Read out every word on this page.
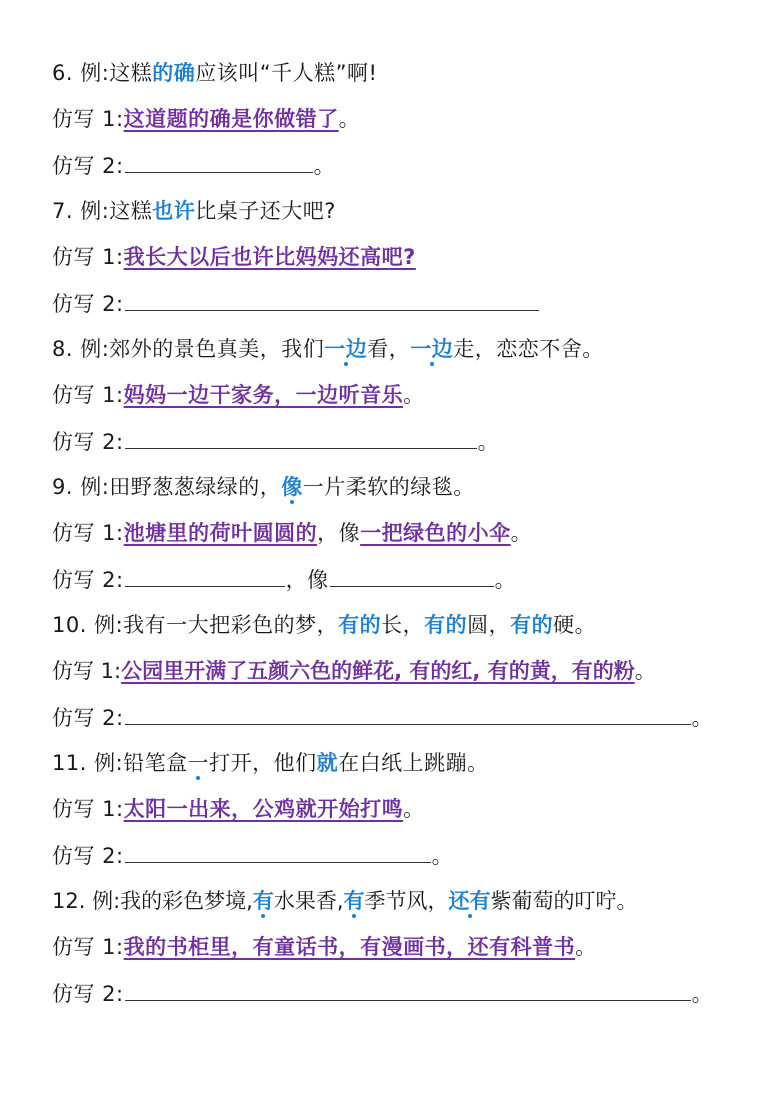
6. 例:这糕的确应该叫“千人糕”啊!
仿写 1:这道题的确是你做错了。
仿写 2:	。
7. 例:这糕也许比桌子还大吧?
仿写 1:我长大以后也许比妈妈还高吧?
仿写 2:
8. 例:郊外的景色真美，我们一边看，一边走，恋恋不舍。
仿写 1:妈妈一边干家务，一边听音乐。
仿写 2:	。
9. 例:田野葱葱绿绿的，像一片柔软的绿毯。
仿写 1:池塘里的荷叶圆圆的，像一把绿色的小伞。
仿写 2:	，像	。
10. 例:我有一大把彩色的梦，有的长，有的圆，有的硬。
仿写 1:公园里开满了五颜六色的鲜花, 有的红, 有的黄，有的粉。
仿写 2:	。
11. 例:铅笔盒一打开，他们就在白纸上跳蹦。
仿写 1:太阳一出来，公鸡就开始打鸣。
仿写 2:	。
12. 例:我的彩色梦境,有水果香,有季节风，还有紫葡萄的叮咛。
仿写 1:我的书柜里，有童话书，有漫画书，还有科普书。
仿写 2:	。
